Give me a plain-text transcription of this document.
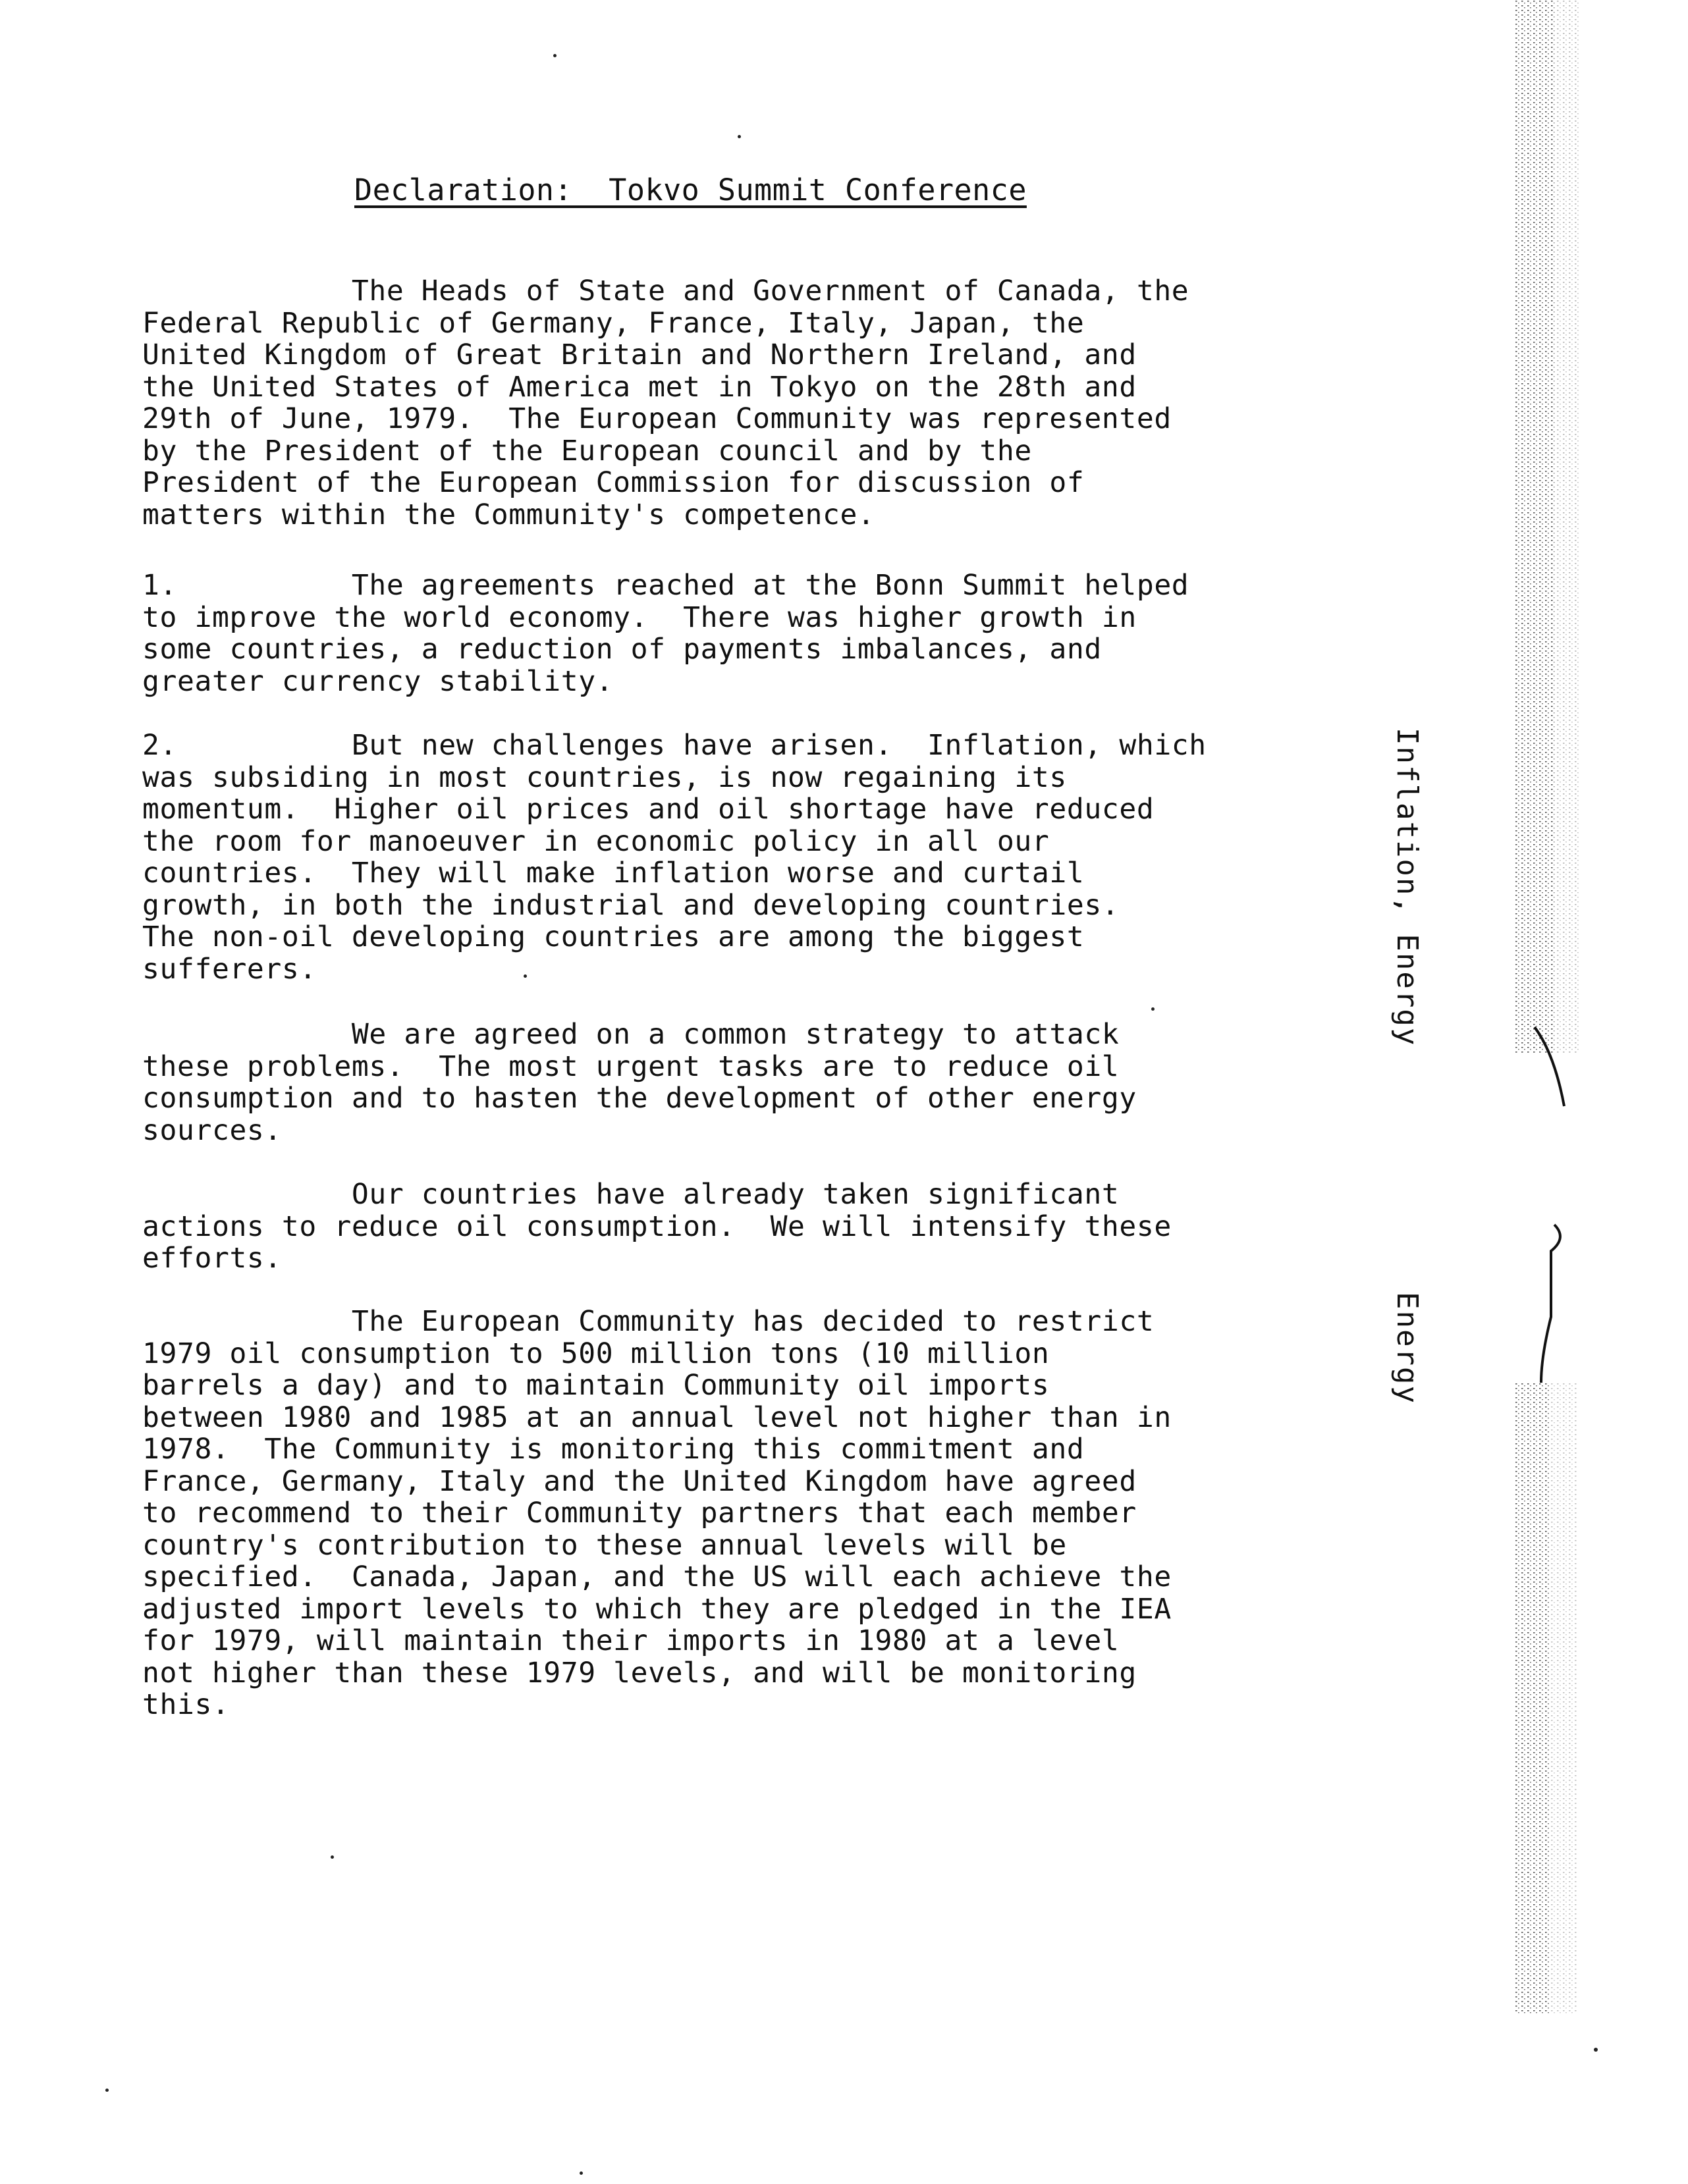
Declaration:  Tokvo Summit Conference
The Heads of State and Government of Canada, the
Federal Republic of Germany, France, Italy, Japan, the
United Kingdom of Great Britain and Northern Ireland, and
the United States of America met in Tokyo on the 28th and
29th of June, 1979.  The European Community was represented
by the President of the European council and by the
President of the European Commission for discussion of
matters within the Community's competence.
1.          The agreements reached at the Bonn Summit helped
to improve the world economy.  There was higher growth in
some countries, a reduction of payments imbalances, and
greater currency stability.
2.          But new challenges have arisen.  Inflation, which
was subsiding in most countries, is now regaining its
momentum.  Higher oil prices and oil shortage have reduced
the room for manoeuver in economic policy in all our
countries.  They will make inflation worse and curtail
growth, in both the industrial and developing countries.
The non-oil developing countries are among the biggest
sufferers.
We are agreed on a common strategy to attack
these problems.  The most urgent tasks are to reduce oil
consumption and to hasten the development of other energy
sources.
Our countries have already taken significant
actions to reduce oil consumption.  We will intensify these
efforts.
The European Community has decided to restrict
1979 oil consumption to 500 million tons (10 million
barrels a day) and to maintain Community oil imports
between 1980 and 1985 at an annual level not higher than in
1978.  The Community is monitoring this commitment and
France, Germany, Italy and the United Kingdom have agreed
to recommend to their Community partners that each member
country's contribution to these annual levels will be
specified.  Canada, Japan, and the US will each achieve the
adjusted import levels to which they are pledged in the IEA
for 1979, will maintain their imports in 1980 at a level
not higher than these 1979 levels, and will be monitoring
this.
Inflation, Energy
Energy
